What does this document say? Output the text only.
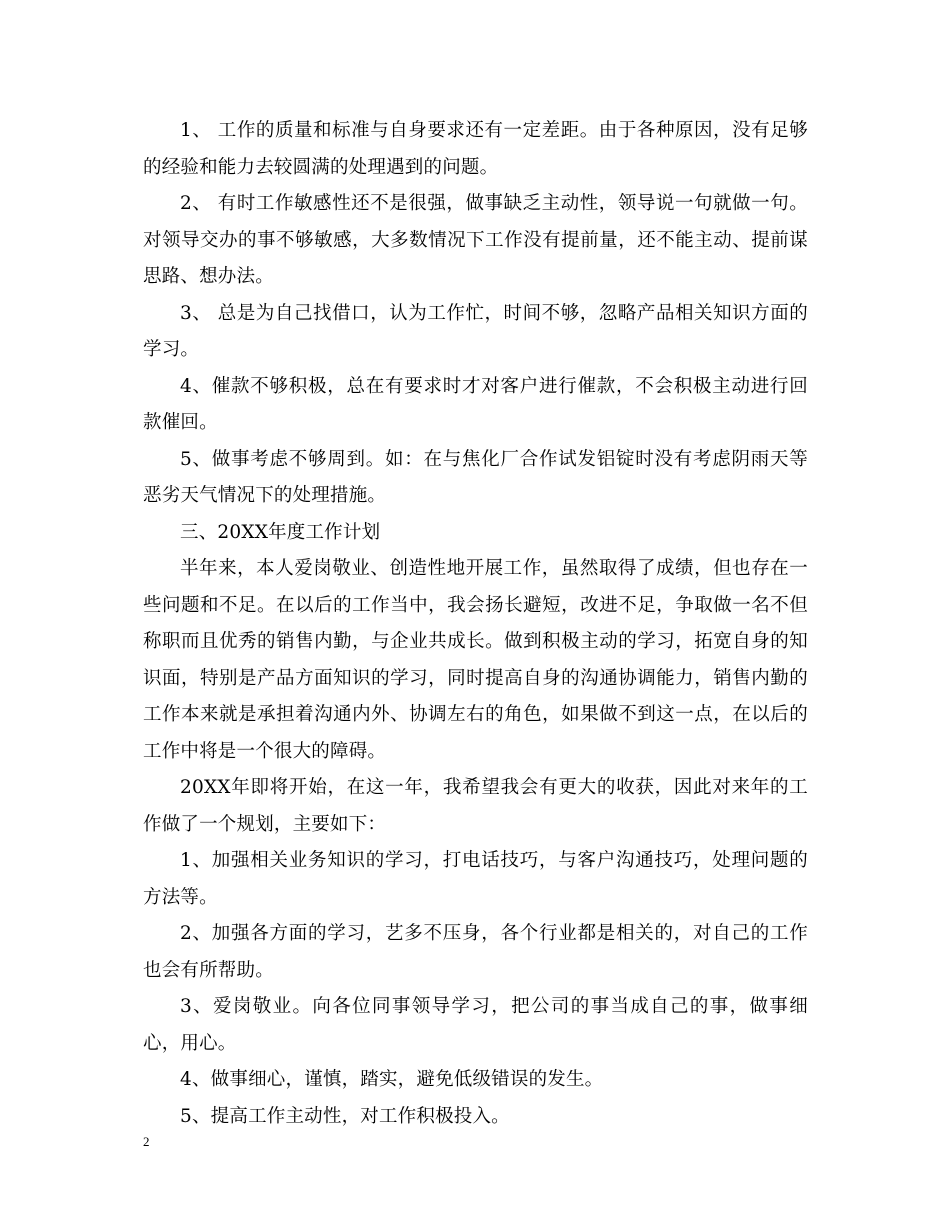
1、 工作的质量和标准与自身要求还有一定差距。由于各种原因，没有足够的经验和能力去较圆满的处理遇到的问题。

2、 有时工作敏感性还不是很强，做事缺乏主动性，领导说一句就做一句。对领导交办的事不够敏感，大多数情况下工作没有提前量，还不能主动、提前谋思路、想办法。

3、 总是为自己找借口，认为工作忙，时间不够，忽略产品相关知识方面的学习。

4、催款不够积极，总在有要求时才对客户进行催款，不会积极主动进行回款催回。

5、做事考虑不够周到。如：在与焦化厂合作试发铝锭时没有考虑阴雨天等恶劣天气情况下的处理措施。

三、20XX年度工作计划

半年来，本人爱岗敬业、创造性地开展工作，虽然取得了成绩，但也存在一些问题和不足。在以后的工作当中，我会扬长避短，改进不足，争取做一名不但称职而且优秀的销售内勤，与企业共成长。做到积极主动的学习，拓宽自身的知识面，特别是产品方面知识的学习，同时提高自身的沟通协调能力，销售内勤的工作本来就是承担着沟通内外、协调左右的角色，如果做不到这一点，在以后的工作中将是一个很大的障碍。

20XX年即将开始，在这一年，我希望我会有更大的收获，因此对来年的工作做了一个规划，主要如下：

1、加强相关业务知识的学习，打电话技巧，与客户沟通技巧，处理问题的方法等。

2、加强各方面的学习，艺多不压身，各个行业都是相关的，对自己的工作也会有所帮助。

3、爱岗敬业。向各位同事领导学习，把公司的事当成自己的事，做事细心，用心。

4、做事细心，谨慎，踏实，避免低级错误的发生。

5、提高工作主动性，对工作积极投入。

2
